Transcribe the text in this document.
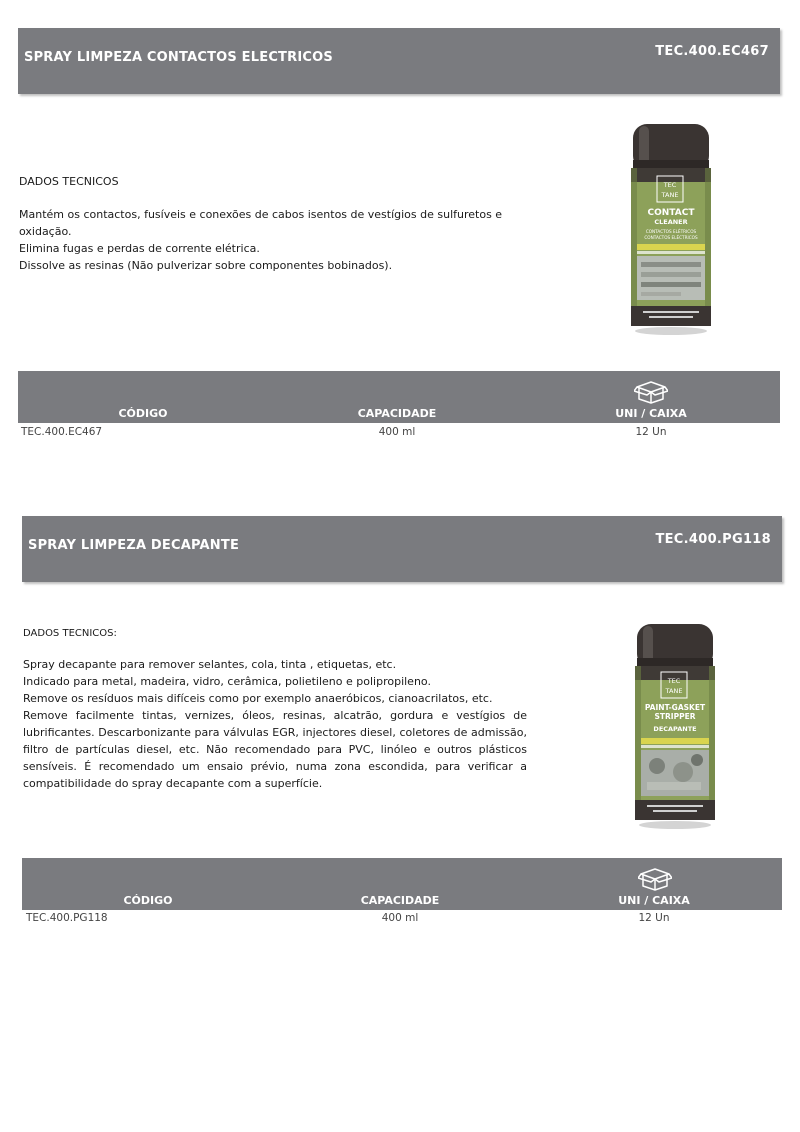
SPRAY LIMPEZA CONTACTOS ELECTRICOS	TEC.400.EC467
DADOS TECNICOS

Mantém os contactos, fusíveis e conexões de cabos isentos de vestígios de sulfuretos e oxidação.

Elimina fugas e perdas de corrente elétrica.

Dissolve as resinas (Não pulverizar sobre componentes bobinados).

TEC
TANE
CONTACT
CLEANER
CONTACTOS ELÉTRICOS
CONTACTOS ELÉCTRICOS
CÓDIGO	CAPACIDADE	UNI / CAIXA
TEC.400.EC467	400 ml	12 Un
SPRAY LIMPEZA DECAPANTE	TEC.400.PG118
DADOS TECNICOS:

Spray decapante para remover selantes, cola, tinta , etiquetas, etc.

Indicado para metal, madeira, vidro, cerâmica, polietileno e polipropileno.

Remove os resíduos mais difíceis como por exemplo anaeróbicos, cianoacrilatos, etc.

Remove facilmente tintas, vernizes, óleos, resinas, alcatrão, gordura e vestígios de lubrificantes. Descarbonizante para válvulas EGR, injectores diesel, coletores de admissão, filtro de partículas diesel, etc. Não recomendado para PVC, linóleo e outros plásticos sensíveis. É recomendado um ensaio prévio, numa zona escondida, para verificar a compatibilidade do spray decapante com a superfície.

TEC
TANE
PAINT-GASKET
STRIPPER
DECAPANTE
CÓDIGO	CAPACIDADE	UNI / CAIXA
TEC.400.PG118	400 ml	12 Un
